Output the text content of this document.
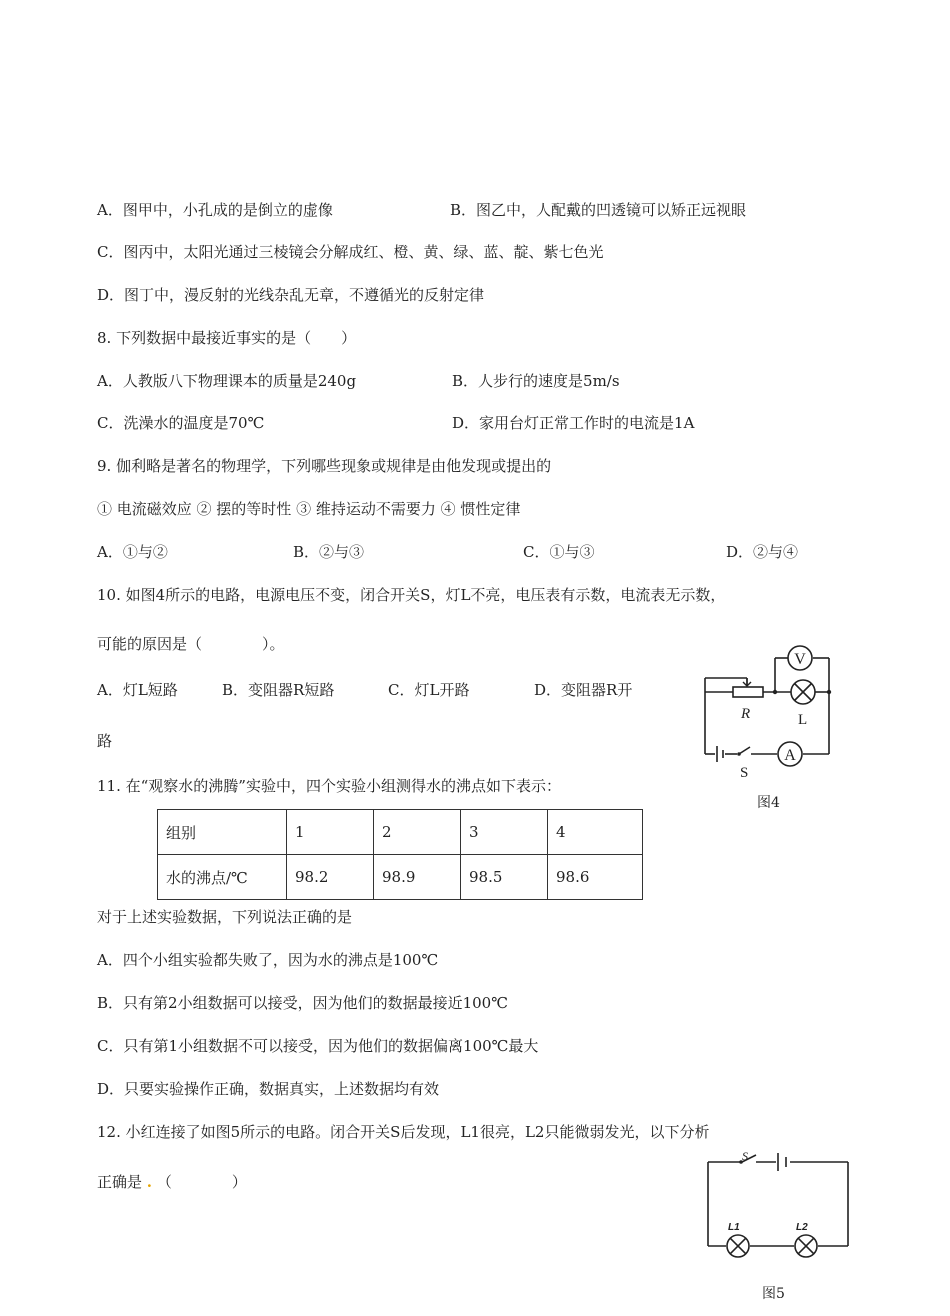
A．图甲中，小孔成的是倒立的虚像	B．图乙中，人配戴的凹透镜可以矫正远视眼
C．图丙中，太阳光通过三棱镜会分解成红、橙、黄、绿、蓝、靛、紫七色光
D．图丁中，漫反射的光线杂乱无章，不遵循光的反射定律
8. 下列数据中最接近事实的是（　　）
A．人教版八下物理课本的质量是240g	B．人步行的速度是5m/s
C．洗澡水的温度是70℃	D．家用台灯正常工作时的电流是1A
9. 伽利略是著名的物理学，下列哪些现象或规律是由他发现或提出的
① 电流磁效应 ② 摆的等时性 ③ 维持运动不需要力 ④ 惯性定律
A．①与②	B．②与③	C．①与③	D．②与④
10. 如图4所示的电路，电源电压不变，闭合开关S，灯L不亮，电压表有示数，电流表无示数，
可能的原因是（　　　　）。
A．灯L短路	B．变阻器R短路	C．灯L开路	D．变阻器R开
路
V
A
R	L
S
图4
11. 在“观察水的沸腾”实验中，四个实验小组测得水的沸点如下表示：
组别	1	2	3	4
水的沸点/℃	98.2	98.9	98.5	98.6
对于上述实验数据，下列说法正确的是
A．四个小组实验都失败了，因为水的沸点是100℃
B．只有第2小组数据可以接受，因为他们的数据最接近100℃
C．只有第1小组数据不可以接受，因为他们的数据偏离100℃最大
D．只要实验操作正确，数据真实，上述数据均有效
12. 小红连接了如图5所示的电路。闭合开关S后发现，L1很亮，L2只能微弱发光，以下分析
正确是 . （　　　　）
S
L1	L2
图5
